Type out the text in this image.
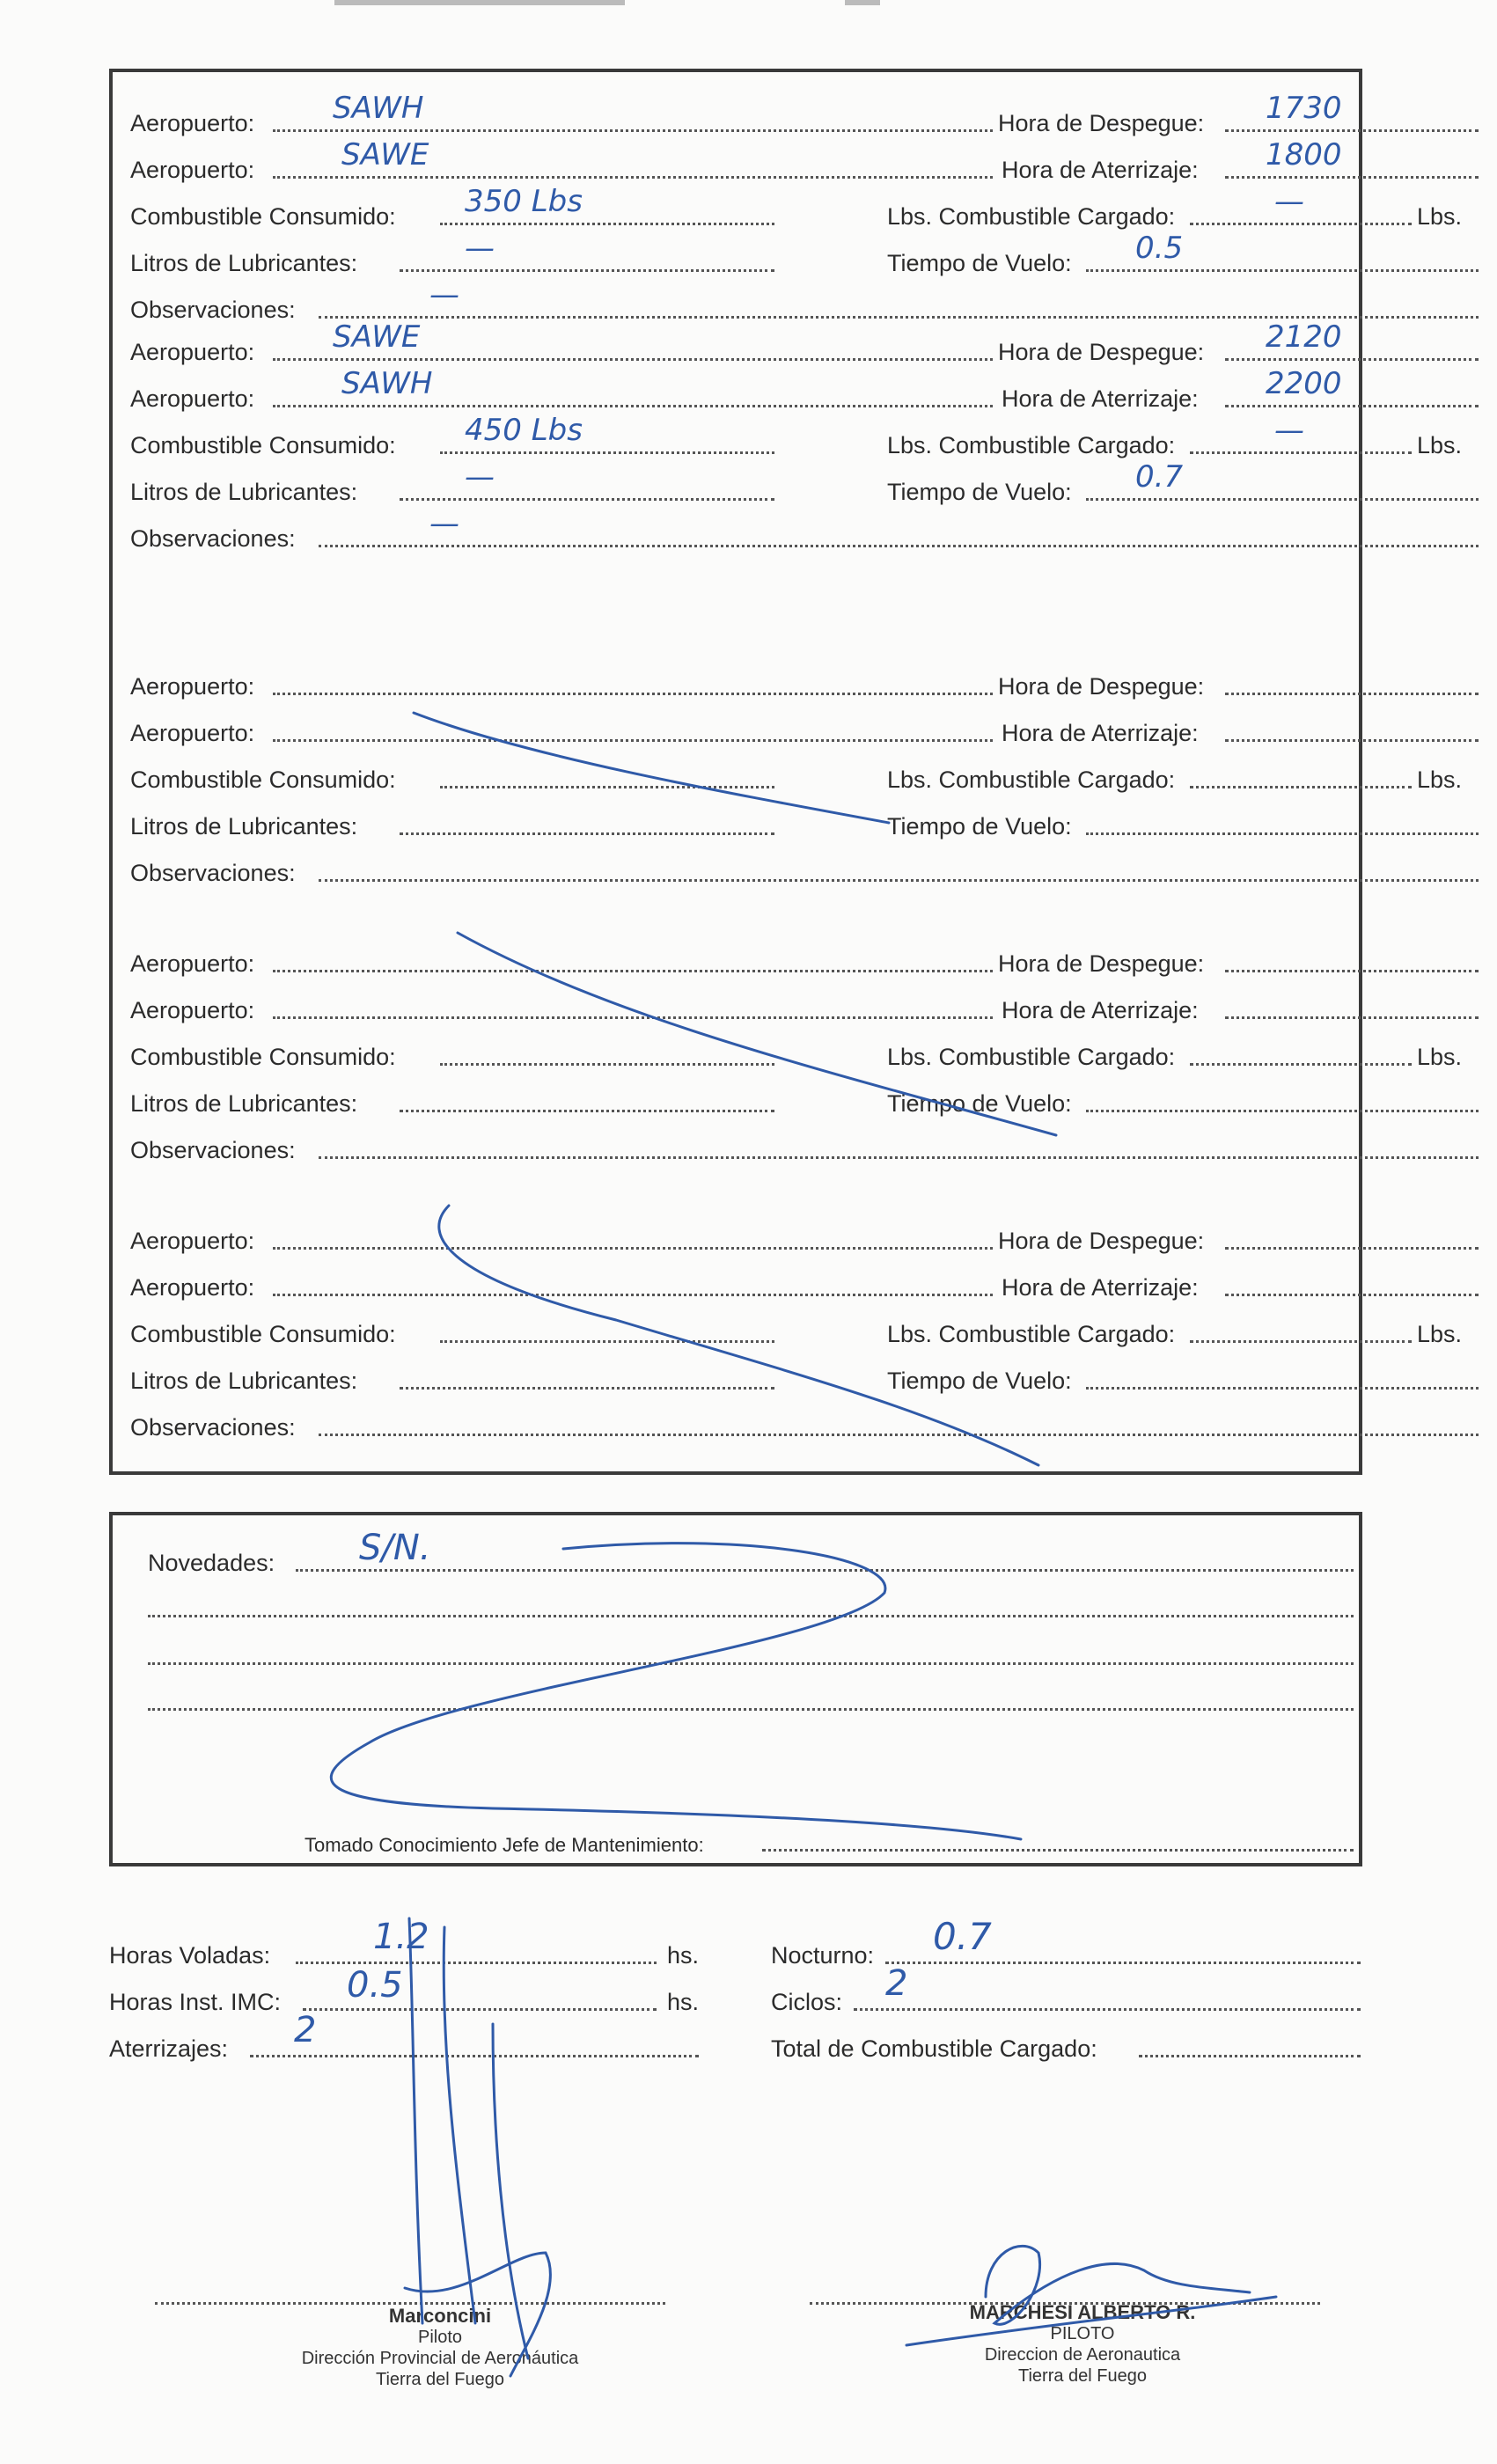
Aeropuerto:	SAWH	Hora de Despegue: 1730
Aeropuerto:	SAWE	Hora de Aterrizaje: 1800
Combustible Consumido: 350 Lbs	Lbs. Combustible Cargado:	—	Lbs.
Litros de Lubricantes:	—	Tiempo de Vuelo: 0.5
Observaciones:	—
Aeropuerto:	SAWE	Hora de Despegue: 2120
Aeropuerto:	SAWH	Hora de Aterrizaje: 2200
Combustible Consumido: 450 Lbs	Lbs. Combustible Cargado:	—	Lbs.
Litros de Lubricantes:	—	Tiempo de Vuelo: 0.7
Observaciones:	—
Aeropuerto:	Hora de Despegue:
Aeropuerto:	Hora de Aterrizaje:
Combustible Consumido:	Lbs. Combustible Cargado:	Lbs.
Litros de Lubricantes:	Tiempo de Vuelo:
Observaciones:
Aeropuerto:	Hora de Despegue:
Aeropuerto:	Hora de Aterrizaje:
Combustible Consumido:	Lbs. Combustible Cargado:	Lbs.
Litros de Lubricantes:	Tiempo de Vuelo:
Observaciones:
Aeropuerto:	Hora de Despegue:
Aeropuerto:	Hora de Aterrizaje:
Combustible Consumido:	Lbs. Combustible Cargado:	Lbs.
Litros de Lubricantes:	Tiempo de Vuelo:
Observaciones:
Novedades: S/N.
Tomado Conocimiento Jefe de Mantenimiento:
Horas Voladas:	1.2	hs.
Horas Inst. IMC: 0.5	hs.
Aterrizajes: 2
Nocturno: 0.7
Ciclos: 2
Total de Combustible Cargado:
Marconcini
Piloto
Dirección Provincial de Aeronáutica
Tierra del Fuego
MARCHESI ALBERTO R.
PILOTO
Direccion de Aeronautica
Tierra del Fuego
